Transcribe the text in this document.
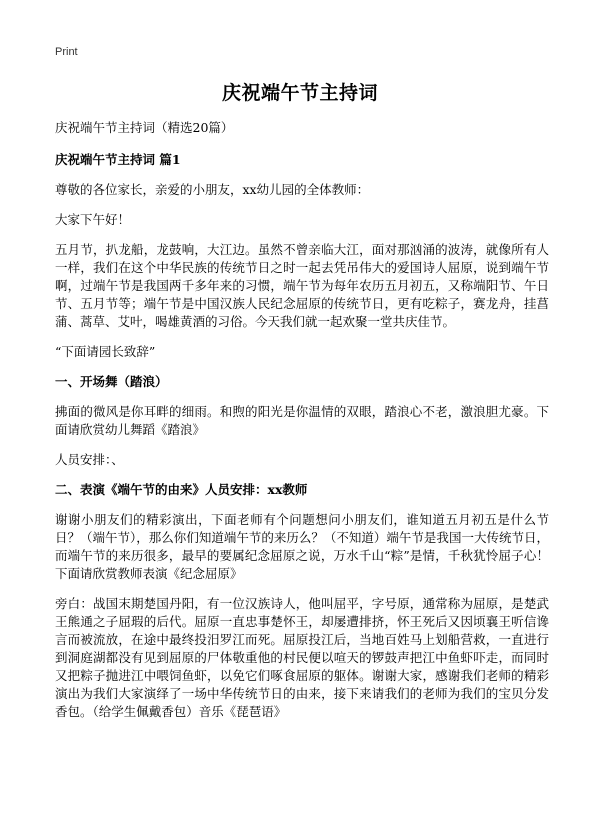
Print
庆祝端午节主持词

庆祝端午节主持词（精选20篇）

庆祝端午节主持词 篇1

尊敬的各位家长，亲爱的小朋友，xx幼儿园的全体教师：

大家下午好！

五月节，扒龙船，龙鼓响，大江边。虽然不曾亲临大江，面对那汹涌的波涛，就像所有人一样，我们在这个中华民族的传统节日之时一起去凭吊伟大的爱国诗人屈原，说到端午节啊，过端午节是我国两千多年来的习惯，端午节为每年农历五月初五，又称端阳节、午日节、五月节等；端午节是中国汉族人民纪念屈原的传统节日，更有吃粽子，赛龙舟，挂菖蒲、蒿草、艾叶，喝雄黄酒的习俗。今天我们就一起欢聚一堂共庆佳节。

“下面请园长致辞”

一、开场舞（踏浪）

拂面的微风是你耳畔的细雨。和煦的阳光是你温情的双眼，踏浪心不老，激浪胆尤豪。下面请欣赏幼儿舞蹈《踏浪》

人员安排：、

二、表演《端午节的由来》人员安排：xx教师

谢谢小朋友们的精彩演出，下面老师有个问题想问小朋友们，谁知道五月初五是什么节日？（端午节），那么你们知道端午节的来历么？（不知道）端午节是我国一大传统节日，而端午节的来历很多，最早的要属纪念屈原之说，万水千山“粽”是情，千秋犹怜屈子心！下面请欣赏教师表演《纪念屈原》

旁白：战国末期楚国丹阳，有一位汉族诗人，他叫屈平，字号原，通常称为屈原，是楚武王熊通之子屈瑕的后代。屈原一直忠事楚怀王，却屡遭排挤，怀王死后又因顷襄王听信谗言而被流放，在途中最终投汨罗江而死。屈原投江后，当地百姓马上划船营救，一直进行到洞庭湖都没有见到屈原的尸体敬重他的村民便以喧天的锣鼓声把江中鱼虾吓走，而同时又把粽子抛进江中喂饲鱼虾，以免它们啄食屈原的躯体。谢谢大家，感谢我们老师的精彩演出为我们大家演绎了一场中华传统节日的由来，接下来请我们的老师为我们的宝贝分发香包。（给学生佩戴香包）音乐《琵琶语》
